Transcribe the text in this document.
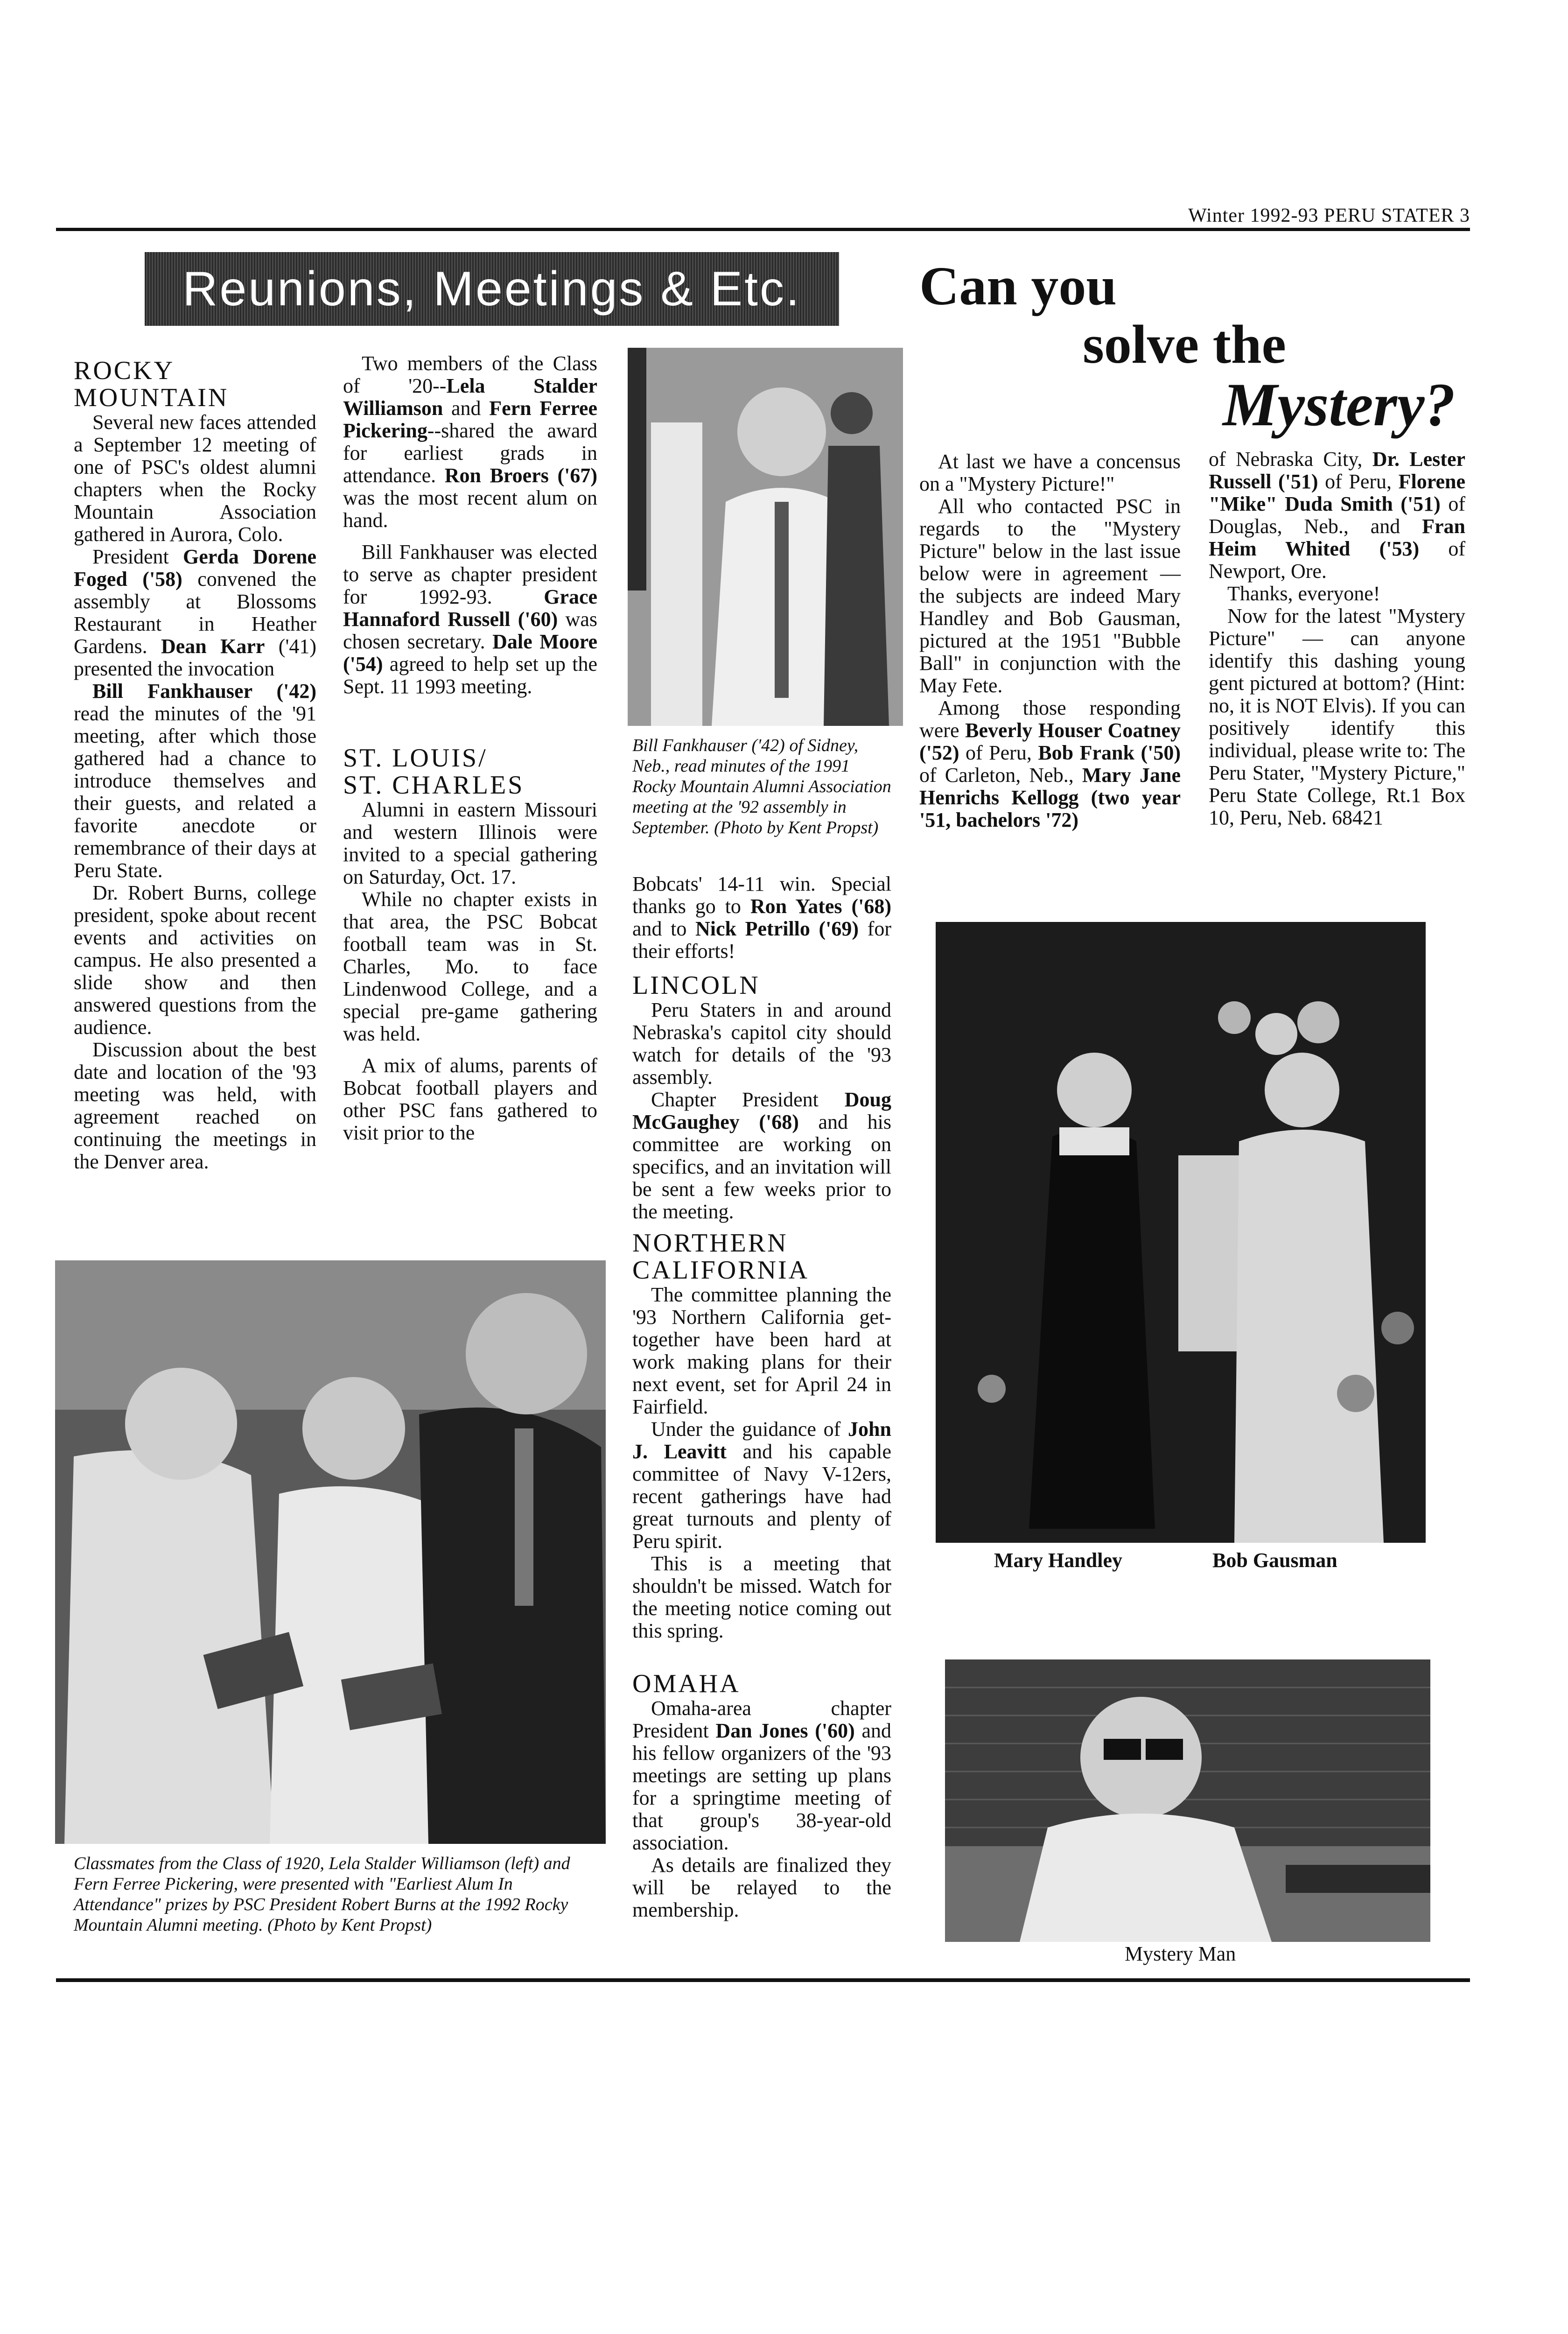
Winter 1992-93 PERU STATER 3
Reunions, Meetings & Etc.
ROCKY
MOUNTAIN

Several new faces attended a September 12 meeting of one of PSC's oldest alumni chapters when the Rocky Mountain Association gathered in Aurora, Colo.

President Gerda Dorene Foged ('58) convened the assembly at Blossoms Restaurant in Heather Gardens. Dean Karr ('41) presented the invocation

Bill Fankhauser ('42) read the minutes of the '91 meeting, after which those gathered had a chance to introduce themselves and their guests, and related a favorite anecdote or remembrance of their days at Peru State.

Dr. Robert Burns, college president, spoke about recent events and activities on campus. He also presented a slide show and then answered questions from the audience.

Discussion about the best date and location of the '93 meeting was held, with agreement reached on continuing the meetings in the Denver area.

Two members of the Class of '20--Lela Stalder Williamson and Fern Ferree Pickering--shared the award for earliest grads in attendance. Ron Broers ('67) was the most recent alum on hand.

Bill Fankhauser was elected to serve as chapter president for 1992-93. Grace Hannaford Russell ('60) was chosen secretary. Dale Moore ('54) agreed to help set up the Sept. 11 1993 meeting.

ST. LOUIS/
ST. CHARLES

Alumni in eastern Missouri and western Illinois were invited to a special gathering on Saturday, Oct. 17.

While no chapter exists in that area, the PSC Bobcat football team was in St. Charles, Mo. to face Lindenwood College, and a special pre-game gathering was held.

A mix of alums, parents of Bobcat football players and other PSC fans gathered to visit prior to the

Bill Fankhauser ('42) of Sidney, Neb., read minutes of the 1991 Rocky Mountain Alumni Association meeting at the '92 assembly in September. (Photo by Kent Propst)

Bobcats' 14-11 win. Special thanks go to Ron Yates ('68) and to Nick Petrillo ('69) for their efforts!

LINCOLN

Peru Staters in and around Nebraska's capitol city should watch for details of the '93 assembly.

Chapter President Doug McGaughey ('68) and his committee are working on specifics, and an invitation will be sent a few weeks prior to the meeting.

NORTHERN
CALIFORNIA

The committee planning the '93 Northern California get-together have been hard at work making plans for their next event, set for April 24 in Fairfield.

Under the guidance of John J. Leavitt and his capable committee of Navy V-12ers, recent gatherings have had great turnouts and plenty of Peru spirit.

This is a meeting that shouldn't be missed. Watch for the meeting notice coming out this spring.

OMAHA

Omaha-area chapter President Dan Jones ('60) and his fellow organizers of the '93 meetings are setting up plans for a springtime meeting of that group's 38-year-old association.

As details are finalized they will be relayed to the membership.

Classmates from the Class of 1920, Lela Stalder Williamson (left) and Fern Ferree Pickering, were presented with "Earliest Alum In Attendance" prizes by PSC President Robert Burns at the 1992 Rocky Mountain Alumni meeting. (Photo by Kent Propst)
Can you
solve the
Mystery?

At last we have a concensus on a "Mystery Picture!"

All who contacted PSC in regards to the "Mystery Picture" below in the last issue below were in agreement — the subjects are indeed Mary Handley and Bob Gausman, pictured at the 1951 "Bubble Ball" in conjunction with the May Fete.

Among those responding were Beverly Houser Coatney ('52) of Peru, Bob Frank ('50) of Carleton, Neb., Mary Jane Henrichs Kellogg (two year '51, bachelors '72)

of Nebraska City, Dr. Lester Russell ('51) of Peru, Florene "Mike" Duda Smith ('51) of Douglas, Neb., and Fran Heim Whited ('53) of Newport, Ore.

Thanks, everyone!

Now for the latest "Mystery Picture" — can anyone identify this dashing young gent pictured at bottom? (Hint: no, it is NOT Elvis). If you can positively identify this individual, please write to: The Peru Stater, "Mystery Picture," Peru State College, Rt.1 Box 10, Peru, Neb. 68421

Mary Handley	Bob Gausman
Mystery Man
